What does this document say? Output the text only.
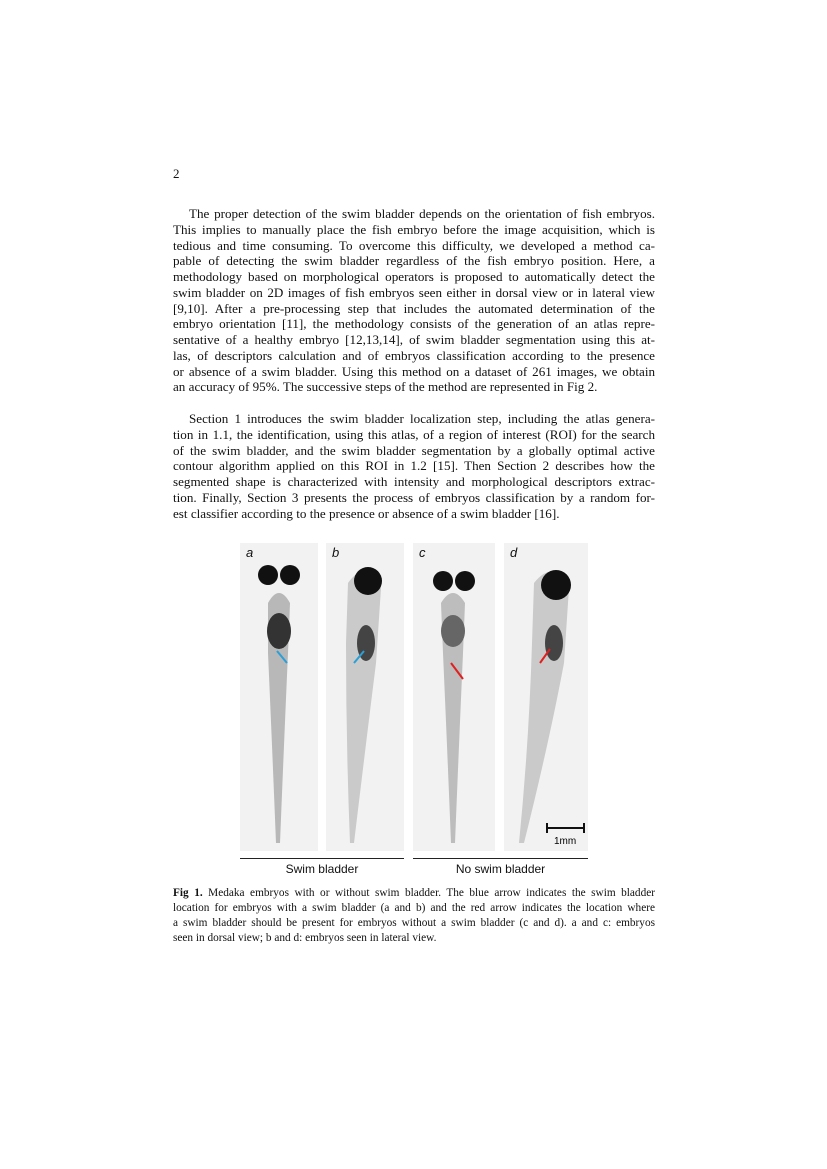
2
The proper detection of the swim bladder depends on the orientation of fish embryos.
This implies to manually place the fish embryo before the image acquisition, which is
tedious and time consuming. To overcome this difficulty, we developed a method ca-
pable of detecting the swim bladder regardless of the fish embryo position. Here, a
methodology based on morphological operators is proposed to automatically detect the
swim bladder on 2D images of fish embryos seen either in dorsal view or in lateral view
[9,10]. After a pre-processing step that includes the automated determination of the
embryo orientation [11], the methodology consists of the generation of an atlas repre-
sentative of a healthy embryo [12,13,14], of swim bladder segmentation using this at-
las, of descriptors calculation and of embryos classification according to the presence
or absence of a swim bladder. Using this method on a dataset of 261 images, we obtain
an accuracy of 95%. The successive steps of the method are represented in Fig 2.
Section 1 introduces the swim bladder localization step, including the atlas genera-
tion in 1.1, the identification, using this atlas, of a region of interest (ROI) for the search
of the swim bladder, and the swim bladder segmentation by a globally optimal active
contour algorithm applied on this ROI in 1.2 [15]. Then Section 2 describes how the
segmented shape is characterized with intensity and morphological descriptors extrac-
tion. Finally, Section 3 presents the process of embryos classification by a random for-
est classifier according to the presence or absence of a swim bladder [16].
a	b	c	d
1mm
Swim bladder	No swim bladder
Fig 1. Medaka embryos with or without swim bladder. The blue arrow indicates the swim bladder
location for embryos with a swim bladder (a and b) and the red arrow indicates the location where
a swim bladder should be present for embryos without a swim bladder (c and d). a and c: embryos
seen in dorsal view; b and d: embryos seen in lateral view.
